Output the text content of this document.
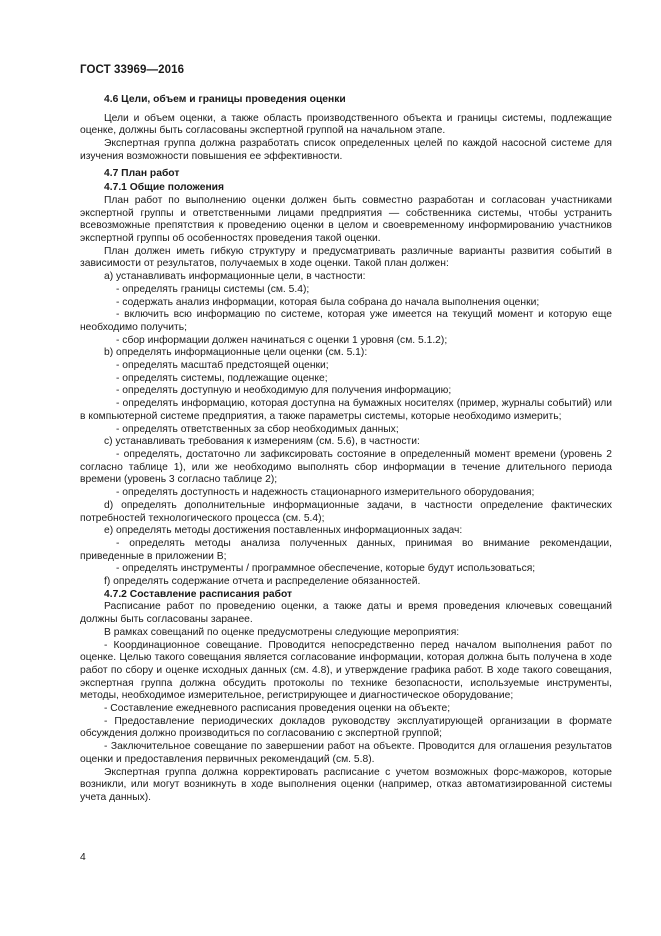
ГОСТ 33969—2016

4.6 Цели, объем и границы проведения оценки

Цели и объем оценки, а также область производственного объекта и границы системы, подлежащие оценке, должны быть согласованы экспертной группой на начальном этапе.

Экспертная группа должна разработать список определенных целей по каждой насосной системе для изучения возможности повышения ее эффективности.

4.7 План работ

4.7.1 Общие положения

План работ по выполнению оценки должен быть совместно разработан и согласован участниками экспертной группы и ответственными лицами предприятия — собственника системы, чтобы устранить всевозможные препятствия к проведению оценки в целом и своевременному информированию участников экспертной группы об особенностях проведения такой оценки.

План должен иметь гибкую структуру и предусматривать различные варианты развития событий в зависимости от результатов, получаемых в ходе оценки. Такой план должен:

a) устанавливать информационные цели, в частности:

- определять границы системы (см. 5.4);

- содержать анализ информации, которая была собрана до начала выполнения оценки;

- включить всю информацию по системе, которая уже имеется на текущий момент и которую еще необходимо получить;

- сбор информации должен начинаться с оценки 1 уровня (см. 5.1.2);

b) определять информационные цели оценки (см. 5.1):

- определять масштаб предстоящей оценки;

- определять системы, подлежащие оценке;

- определять доступную и необходимую для получения информацию;

- определять информацию, которая доступна на бумажных носителях (пример, журналы событий) или в компьютерной системе предприятия, а также параметры системы, которые необходимо измерить;

- определять ответственных за сбор необходимых данных;

c) устанавливать требования к измерениям (см. 5.6), в частности:

- определять, достаточно ли зафиксировать состояние в определенный момент времени (уровень 2 согласно таблице 1), или же необходимо выполнять сбор информации в течение длительного периода времени (уровень 3 согласно таблице 2);

- определять доступность и надежность стационарного измерительного оборудования;

d) определять дополнительные информационные задачи, в частности определение фактических потребностей технологического процесса (см. 5.4);

e) определять методы достижения поставленных информационных задач:

- определять методы анализа полученных данных, принимая во внимание рекомендации, приведенные в приложении В;

- определять инструменты / программное обеспечение, которые будут использоваться;

f) определять содержание отчета и распределение обязанностей.

4.7.2 Составление расписания работ

Расписание работ по проведению оценки, а также даты и время проведения ключевых совещаний должны быть согласованы заранее.

В рамках совещаний по оценке предусмотрены следующие мероприятия:

- Координационное совещание. Проводится непосредственно перед началом выполнения работ по оценке. Целью такого совещания является согласование информации, которая должна быть получена в ходе работ по сбору и оценке исходных данных (см. 4.8), и утверждение графика работ. В ходе такого совещания, экспертная группа должна обсудить протоколы по технике безопасности, используемые инструменты, методы, необходимое измерительное, регистрирующее и диагностическое оборудование;

- Составление ежедневного расписания проведения оценки на объекте;

- Предоставление периодических докладов руководству эксплуатирующей организации в формате обсуждения должно производиться по согласованию с экспертной группой;

- Заключительное совещание по завершении работ на объекте. Проводится для оглашения результатов оценки и предоставления первичных рекомендаций (см. 5.8).

Экспертная группа должна корректировать расписание с учетом возможных форс-мажоров, которые возникли, или могут возникнуть в ходе выполнения оценки (например, отказ автоматизированной системы учета данных).

4
